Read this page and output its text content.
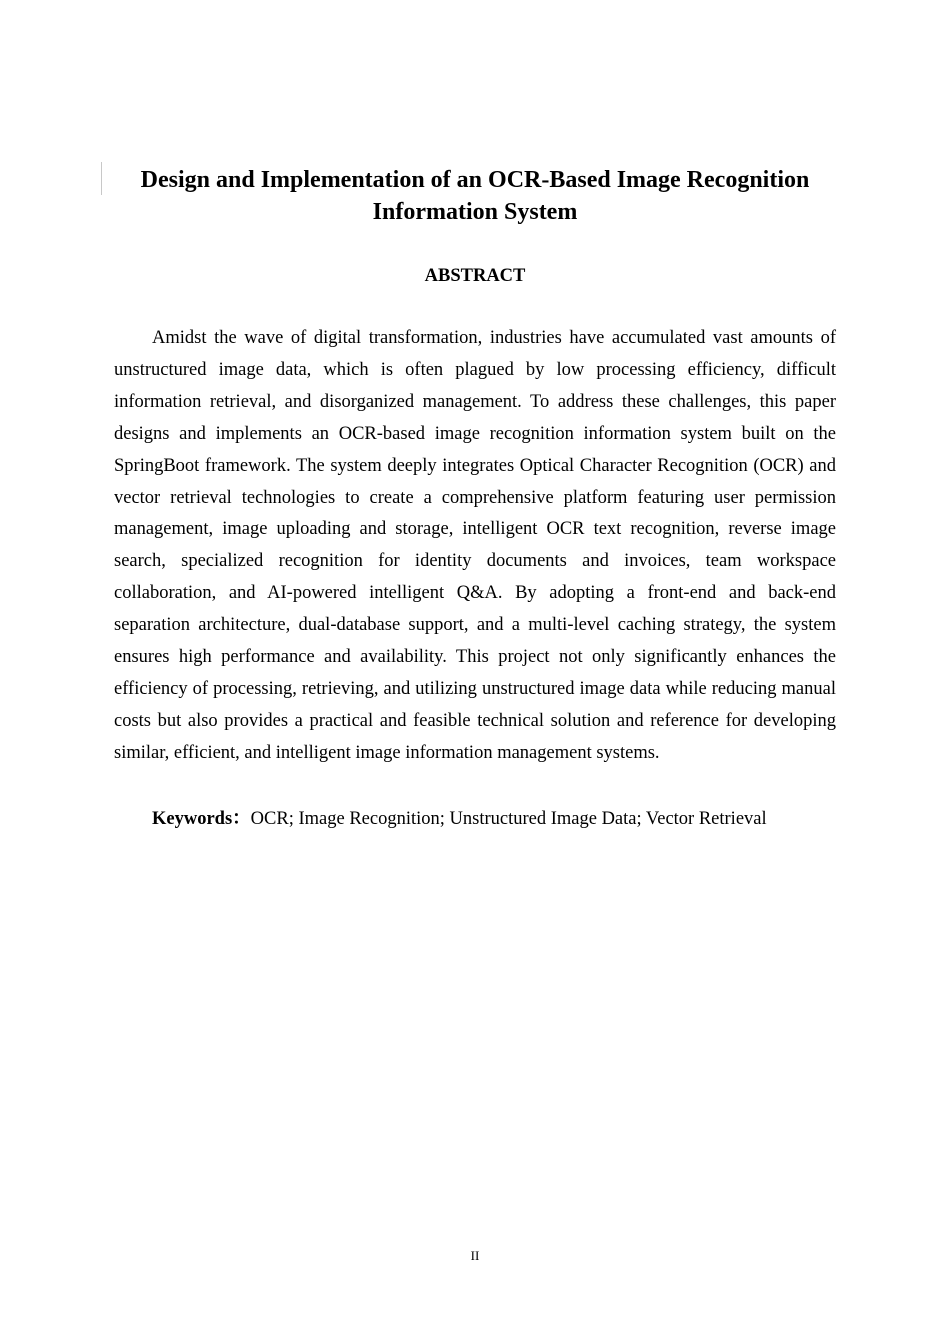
Design and Implementation of an OCR-Based Image Recognition Information System
ABSTRACT

Amidst the wave of digital transformation, industries have accumulated vast amounts of unstructured image data, which is often plagued by low processing efficiency, difficult information retrieval, and disorganized management. To address these challenges, this paper designs and implements an OCR-based image recognition information system built on the SpringBoot framework. The system deeply integrates Optical Character Recognition (OCR) and vector retrieval technologies to create a comprehensive platform featuring user permission management, image uploading and storage, intelligent OCR text recognition, reverse image search, specialized recognition for identity documents and invoices, team workspace collaboration, and AI-powered intelligent Q&A. By adopting a front-end and back-end separation architecture, dual-database support, and a multi-level caching strategy, the system ensures high performance and availability. This project not only significantly enhances the efficiency of processing, retrieving, and utilizing unstructured image data while reducing manual costs but also provides a practical and feasible technical solution and reference for developing similar, efficient, and intelligent image information management systems.

Keywords：OCR; Image Recognition; Unstructured Image Data; Vector Retrieval

II
